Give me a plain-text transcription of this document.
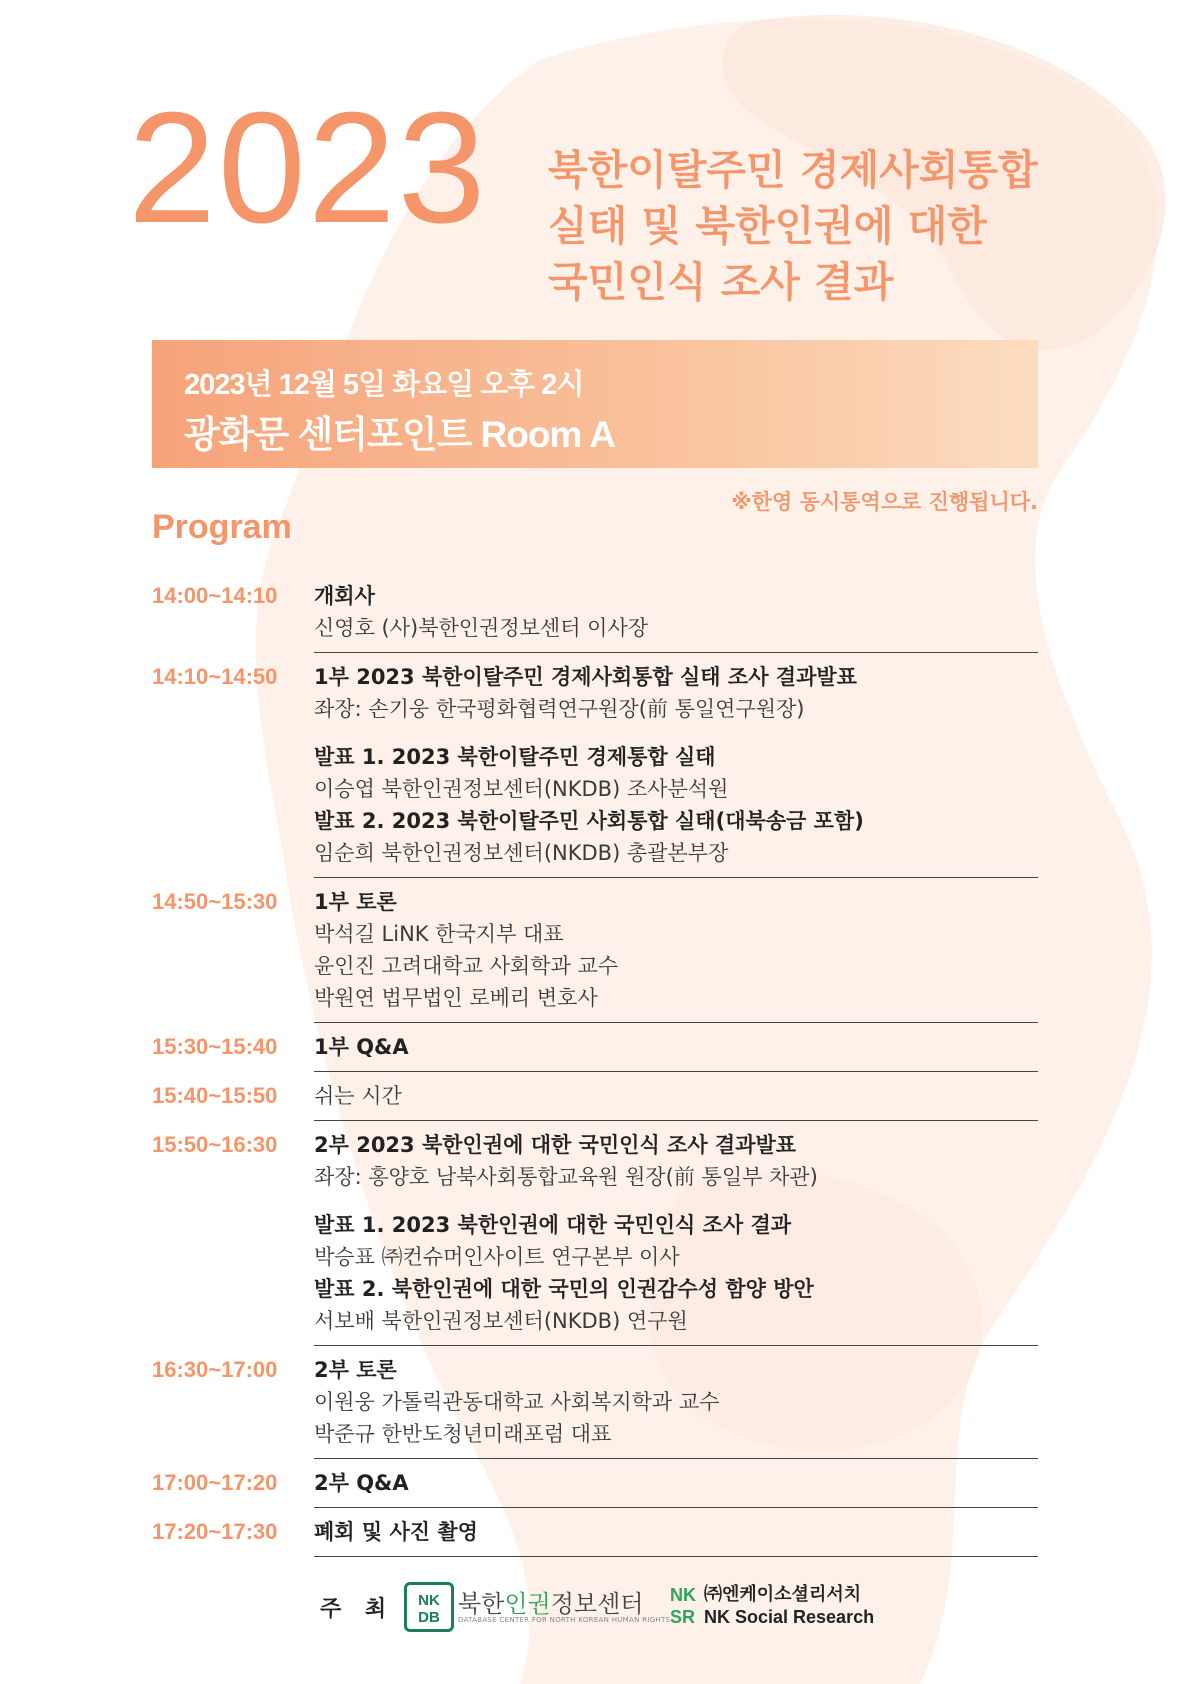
2023 북한이탈주민 경제사회통합
실태 및 북한인권에 대한
국민인식 조사 결과
2023년 12월 5일 화요일 오후 2시
광화문 센터포인트 Room A
※한영 동시통역으로 진행됩니다.
Program
14:00~14:10	개회사
신영호 (사)북한인권정보센터 이사장
14:10~14:50	1부 2023 북한이탈주민 경제사회통합 실태 조사 결과발표
좌장: 손기웅 한국평화협력연구원장(前 통일연구원장)
발표 1. 2023 북한이탈주민 경제통합 실태
이승엽 북한인권정보센터(NKDB) 조사분석원
발표 2. 2023 북한이탈주민 사회통합 실태(대북송금 포함)
임순희 북한인권정보센터(NKDB) 총괄본부장
14:50~15:30	1부 토론
박석길 LiNK 한국지부 대표
윤인진 고려대학교 사회학과 교수
박원연 법무법인 로베리 변호사
15:30~15:40	1부 Q&A
15:40~15:50	쉬는 시간
15:50~16:30	2부 2023 북한인권에 대한 국민인식 조사 결과발표
좌장: 홍양호 남북사회통합교육원 원장(前 통일부 차관)
발표 1. 2023 북한인권에 대한 국민인식 조사 결과
박승표 ㈜컨슈머인사이트 연구본부 이사
발표 2. 북한인권에 대한 국민의 인권감수성 함양 방안
서보배 북한인권정보센터(NKDB) 연구원
16:30~17:00	2부 토론
이원웅 가톨릭관동대학교 사회복지학과 교수
박준규 한반도청년미래포럼 대표
17:00~17:20	2부 Q&A
17:20~17:30	폐회 및 사진 촬영
주 최 NK
DB 북한인권정보센터
DATABASE CENTER FOR NORTH KOREAN HUMAN RIGHTS
NK
SR
㈜엔케이소셜리서치
NK Social Research
